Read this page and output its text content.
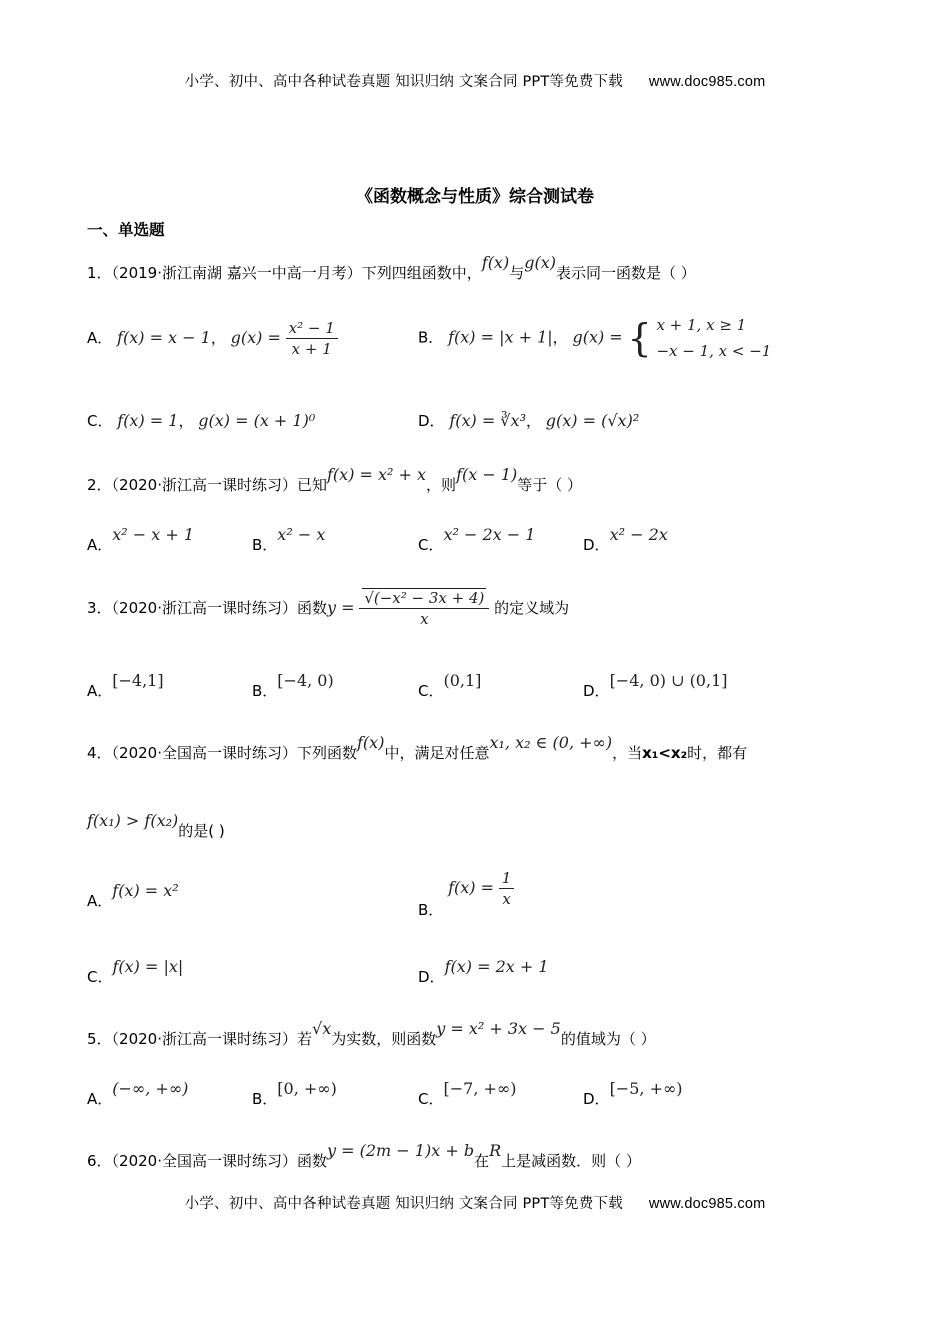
小学、初中、高中各种试卷真题 知识归纳 文案合同 PPT等免费下载 www.doc985.com
《函数概念与性质》综合测试卷
一、单选题
1．（2019·浙江南湖 嘉兴一中高一月考）下列四组函数中，f(x)与g(x)表示同一函数是（ ）
A． f(x) = x − 1， $g(x) = \frac{\text{x² − 1}}{x + 1}$	B． f(x) = |x + 1|， g(x) = { x + 1, x ≥ 1
−x − 1, x < −1
C． f(x) = 1， g(x) = (x + 1)⁰	D． f(x) = ∛x³， g(x) = (√x)²
2．（2020·浙江高一课时练习）已知f(x) = x² + x，则f(x − 1)等于（ ）
A．x² − x + 1
B．x² − x
C．x² − 2x − 1
D．x² − 2x
3．（2020·浙江高一课时练习）函数$y = \frac{\text{√(−x² − 3x + 4)}}{x}$ 的定义域为
A．[−4,1]
B．[−4, 0)
C．(0,1]
D．[−4, 0) ∪ (0,1]
4．（2020·全国高一课时练习）下列函数f(x)中，满足对任意x₁, x₂ ∈ (0, +∞)，当x₁<x₂时，都有
f(x₁) > f(x₂)的是( )
A．f(x) = x²
B． $f(x) = \frac{1}{x}$
C．f(x) = |x|
D．f(x) = 2x + 1
5．（2020·浙江高一课时练习）若√x为实数，则函数y = x² + 3x − 5的值域为（ ）
A．(−∞, +∞)
B．[0, +∞)
C．[−7, +∞)
D．[−5, +∞)
6．（2020·全国高一课时练习）函数y = (2m − 1)x + b在R上是减函数．则（ ）
小学、初中、高中各种试卷真题 知识归纳 文案合同 PPT等免费下载 www.doc985.com
